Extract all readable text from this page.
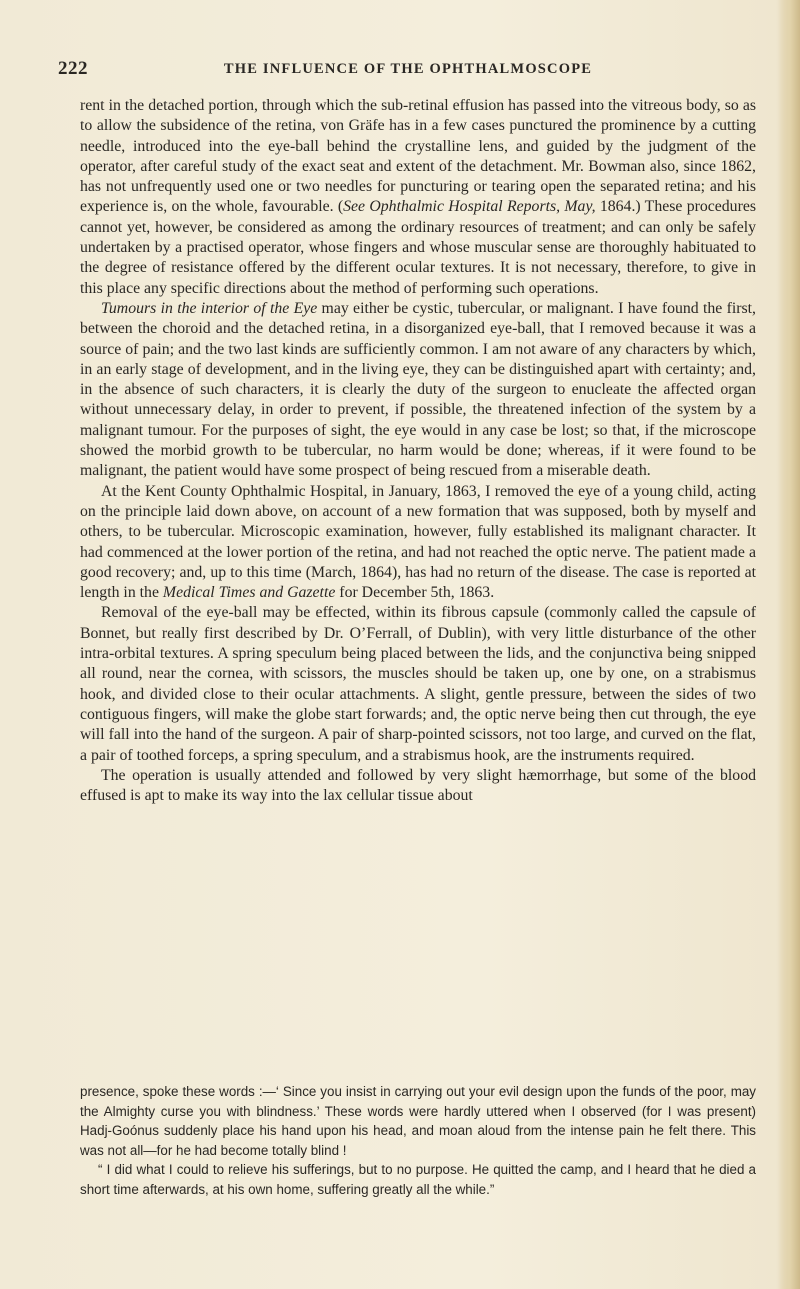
222	THE INFLUENCE OF THE OPHTHALMOSCOPE

rent in the detached portion, through which the sub-retinal effusion has passed into the vitreous body, so as to allow the subsidence of the retina, von Gräfe has in a few cases punctured the prominence by a cutting needle, introduced into the eye-ball behind the crystalline lens, and guided by the judgment of the operator, after careful study of the exact seat and extent of the detachment. Mr. Bowman also, since 1862, has not unfrequently used one or two needles for puncturing or tearing open the separated retina; and his experience is, on the whole, favourable. (See Ophthalmic Hospital Reports, May, 1864.) These procedures cannot yet, however, be considered as among the ordinary resources of treatment; and can only be safely undertaken by a practised operator, whose fingers and whose muscular sense are thoroughly habituated to the degree of resistance offered by the different ocular textures. It is not necessary, therefore, to give in this place any specific directions about the method of performing such operations.

Tumours in the interior of the Eye may either be cystic, tubercular, or malignant. I have found the first, between the choroid and the detached retina, in a disorganized eye-ball, that I removed because it was a source of pain; and the two last kinds are sufficiently common. I am not aware of any characters by which, in an early stage of development, and in the living eye, they can be distinguished apart with certainty; and, in the absence of such characters, it is clearly the duty of the surgeon to enucleate the affected organ without unnecessary delay, in order to prevent, if possible, the threatened infection of the system by a malignant tumour. For the purposes of sight, the eye would in any case be lost; so that, if the microscope showed the morbid growth to be tubercular, no harm would be done; whereas, if it were found to be malignant, the patient would have some prospect of being rescued from a miserable death.

At the Kent County Ophthalmic Hospital, in January, 1863, I removed the eye of a young child, acting on the principle laid down above, on account of a new formation that was supposed, both by myself and others, to be tubercular. Microscopic examination, however, fully established its malignant character. It had commenced at the lower portion of the retina, and had not reached the optic nerve. The patient made a good recovery; and, up to this time (March, 1864), has had no return of the disease. The case is reported at length in the Medical Times and Gazette for December 5th, 1863.

Removal of the eye-ball may be effected, within its fibrous capsule (commonly called the capsule of Bonnet, but really first described by Dr. O’Ferrall, of Dublin), with very little disturbance of the other intra-orbital textures. A spring speculum being placed between the lids, and the conjunctiva being snipped all round, near the cornea, with scissors, the muscles should be taken up, one by one, on a strabismus hook, and divided close to their ocular attachments. A slight, gentle pressure, between the sides of two contiguous fingers, will make the globe start forwards; and, the optic nerve being then cut through, the eye will fall into the hand of the surgeon. A pair of sharp-pointed scissors, not too large, and curved on the flat, a pair of toothed forceps, a spring speculum, and a strabismus hook, are the instruments required.

The operation is usually attended and followed by very slight hæmorrhage, but some of the blood effused is apt to make its way into the lax cellular tissue about

presence, spoke these words :—‘ Since you insist in carrying out your evil design upon the funds of the poor, may the Almighty curse you with blindness.’ These words were hardly uttered when I observed (for I was present) Hadj-Goónus suddenly place his hand upon his head, and moan aloud from the intense pain he felt there. This was not all—for he had become totally blind !

“ I did what I could to relieve his sufferings, but to no purpose. He quitted the camp, and I heard that he died a short time afterwards, at his own home, suffering greatly all the while.”
